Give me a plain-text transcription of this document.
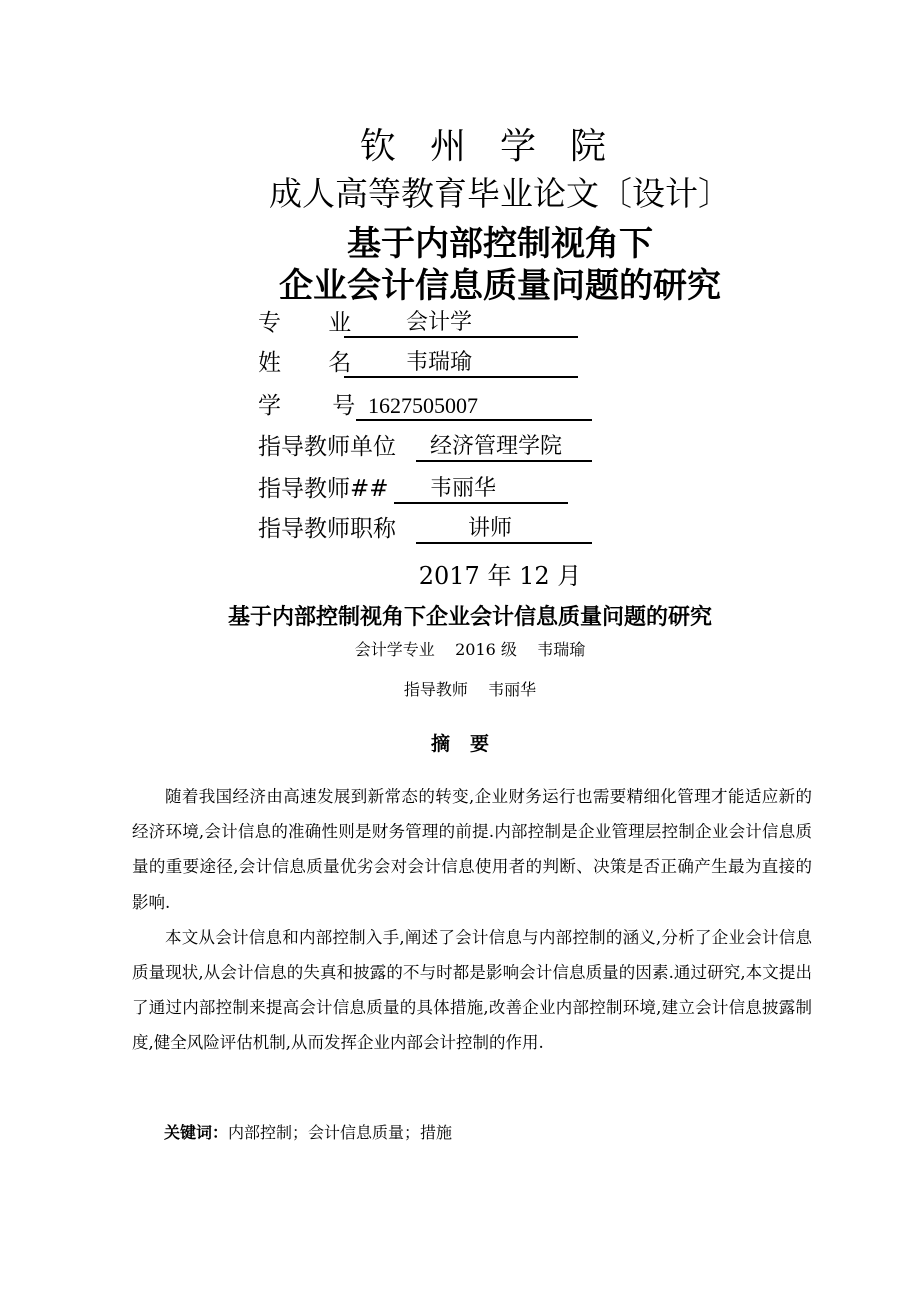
钦州学院
成人高等教育毕业论文〔设计〕
基于内部控制视角下
企业会计信息质量问题的研究
专 业 会计学
姓 名 韦瑞瑜
学 号
1627505007
指导教师单位 经济管理学院
指导教师## 韦丽华
指导教师职称	讲师
2017 年 12 月
基于内部控制视角下企业会计信息质量问题的研究
会计学专业    2016 级    韦瑞瑜
指导教师    韦丽华
摘要

随着我国经济由高速发展到新常态的转变,企业财务运行也需要精细化管理才能适应新的经济环境,会计信息的准确性则是财务管理的前提.内部控制是企业管理层控制企业会计信息质量的重要途径,会计信息质量优劣会对会计信息使用者的判断、决策是否正确产生最为直接的影响.

本文从会计信息和内部控制入手,阐述了会计信息与内部控制的涵义,分析了企业会计信息质量现状,从会计信息的失真和披露的不与时都是影响会计信息质量的因素.通过研究,本文提出了通过内部控制来提高会计信息质量的具体措施,改善企业内部控制环境,建立会计信息披露制度,健全风险评估机制,从而发挥企业内部会计控制的作用.

关键词：内部控制；会计信息质量；措施
